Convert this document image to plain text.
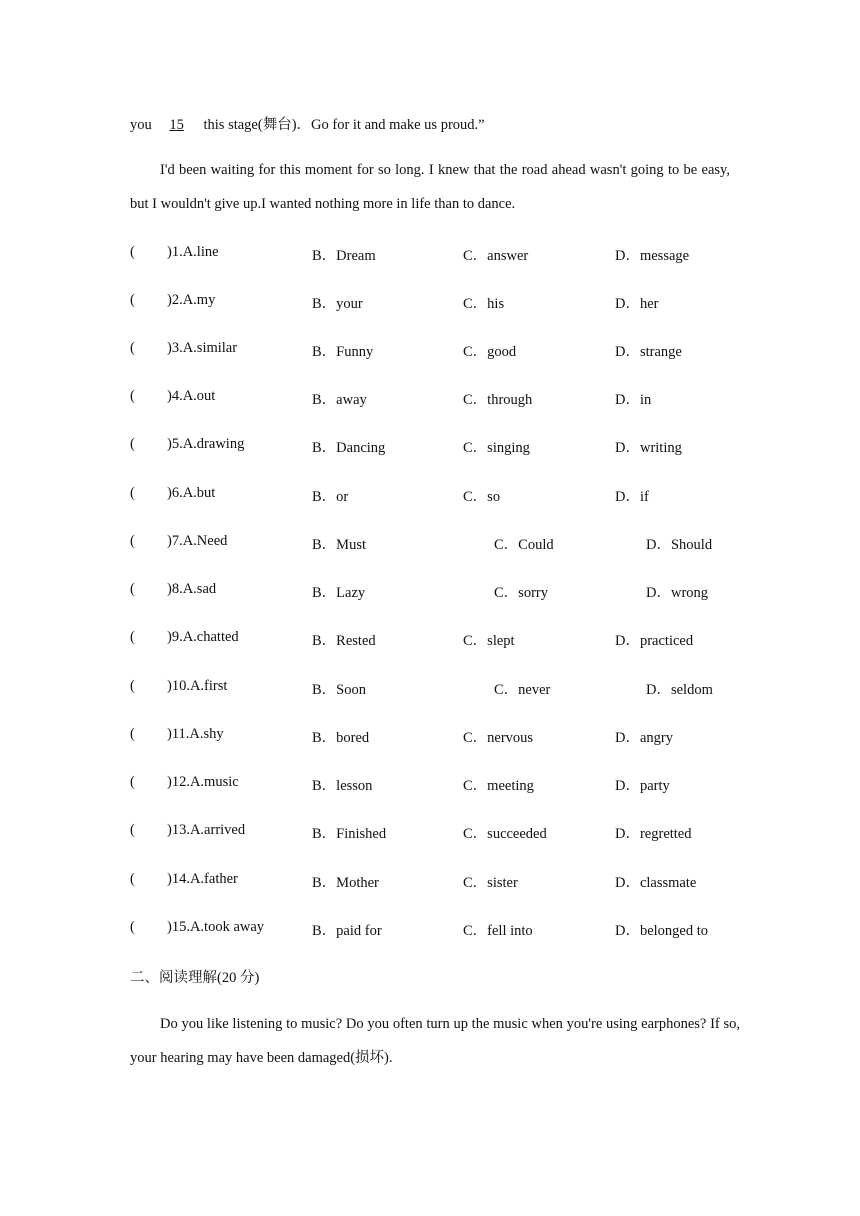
you 15 this stage(舞台)．Go for it and make us proud.”
I'd been waiting for this moment for so long. I knew that the road ahead wasn't going to be easy, but I wouldn't give up.I wanted nothing more in life than to dance.
( )1.A.line	B．Dream	C．answer	D．message
( )2.A.my	B．your	C．his	D．her
( )3.A.similar	B．Funny	C．good	D．strange
( )4.A.out	B．away	C．through	D．in
( )5.A.drawing	B．Dancing	C．singing	D．writing
( )6.A.but	B．or	C．so	D．if
( )7.A.Need	B．Must	C．Could	D．Should
( )8.A.sad	B．Lazy	C．sorry	D．wrong
( )9.A.chatted	B．Rested	C．slept	D．practiced
( )10.A.first	B．Soon	C．never	D．seldom
( )11.A.shy	B．bored	C．nervous	D．angry
( )12.A.music	B．lesson	C．meeting	D．party
( )13.A.arrived	B．Finished	C．succeeded	D．regretted
( )14.A.father	B．Mother	C．sister	D．classmate
( )15.A.took away	B．paid for	C．fell into	D．belonged to
二、阅读理解(20 分)
Do you like listening to music? Do you often turn up the music when you're using earphones? If so, your hearing may have been damaged(损坏).
